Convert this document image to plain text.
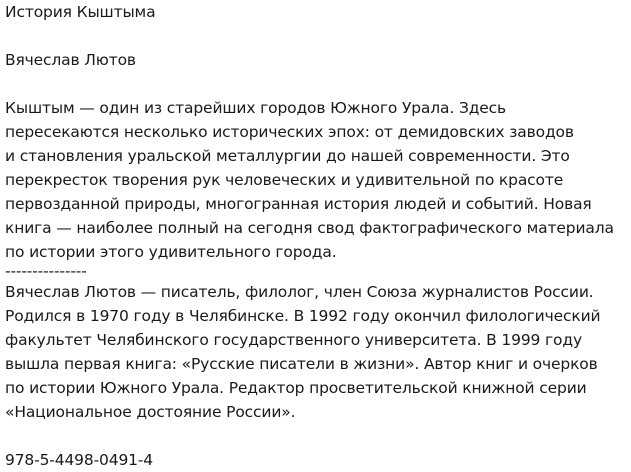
История Кыштыма
Вячеслав Лютов
Кыштым — один из старейших городов Южного Урала. Здесь
пересекаются несколько исторических эпох: от демидовских заводов
и становления уральской металлургии до нашей современности. Это
перекресток творения рук человеческих и удивительной по красоте
первозданной природы, многогранная история людей и событий. Новая
книга — наиболее полный на сегодня свод фактографического материала
по истории этого удивительного города.
---------------
Вячеслав Лютов — писатель, филолог, член Союза журналистов России.
Родился в 1970 году в Челябинске. В 1992 году окончил филологический
факультет Челябинского государственного университета. В 1999 году
вышла первая книга: «Русские писатели в жизни». Автор книг и очерков
по истории Южного Урала. Редактор просветительской книжной серии
«Национальное достояние России».
978-5-4498-0491-4
